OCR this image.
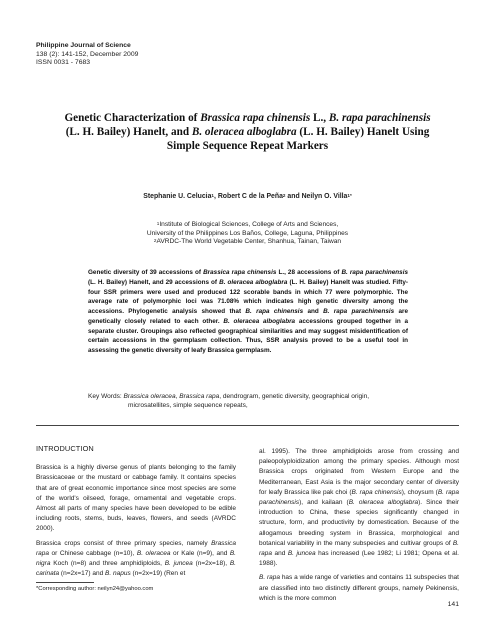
Philippine Journal of Science
138 (2): 141-152, December 2009
ISSN 0031 - 7683
Genetic Characterization of Brassica rapa chinensis L., B. rapa parachinensis (L. H. Bailey) Hanelt, and B. oleracea alboglabra (L. H. Bailey) Hanelt Using Simple Sequence Repeat Markers
Stephanie U. Celucia$^1$, Robert C de la Peña$^2$ and Neilyn O. Villa$^{1*}$
$^1$Institute of Biological Sciences, College of Arts and Sciences,
University of the Philippines Los Baños, College, Laguna, Philippines
$^2$AVRDC-The World Vegetable Center, Shanhua, Tainan, Taiwan
Genetic diversity of 39 accessions of Brassica rapa chinensis L., 28 accessions of B. rapa parachinensis (L. H. Bailey) Hanelt, and 29 accessions of B. oleracea alboglabra (L. H. Bailey) Hanelt was studied. Fifty-four SSR primers were used and produced 122 scorable bands in which 77 were polymorphic. The average rate of polymorphic loci was 71.08% which indicates high genetic diversity among the accessions. Phylogenetic analysis showed that B. rapa chinensis and B. rapa parachinensis are genetically closely related to each other. B. oleracea alboglabra accessions grouped together in a separate cluster. Groupings also reflected geographical similarities and may suggest misidentification of certain accessions in the germplasm collection. Thus, SSR analysis proved to be a useful tool in assessing the genetic diversity of leafy Brassica germplasm.
Key Words: Brassica oleracea, Brassica rapa, dendrogram, genetic diversity, geographical origin,
microsatellites, simple sequence repeats,
INTRODUCTION

Brassica is a highly diverse genus of plants belonging to the family Brassicaceae or the mustard or cabbage family. It contains species that are of great economic importance since most species are some of the world's oilseed, forage, ornamental and vegetable crops. Almost all parts of many species have been developed to be edible including roots, stems, buds, leaves, flowers, and seeds (AVRDC 2000).

Brassica crops consist of three primary species, namely Brassica rapa or Chinese cabbage (n=10), B. oleracea or Kale (n=9), and B. nigra Koch (n=8) and three amphidiploids, B. juncea (n=2x=18), B. carinata (n=2x=17) and B. napus (n=2x=19) (Ren et

al. 1995). The three amphidiploids arose from crossing and paleopolyploidization among the primary species. Although most Brassica crops originated from Western Europe and the Mediterranean, East Asia is the major secondary center of diversity for leafy Brassica like pak choi (B. rapa chinensis), choysum (B. rapa parachinensis), and kailaan (B. oleracea alboglabra). Since their introduction to China, these species significantly changed in structure, form, and productivity by domestication. Because of the allogamous breeding system in Brassica, morphological and botanical variability in the many subspecies and cultivar groups of B. rapa and B. juncea has increased (Lee 1982; Li 1981; Opena et al. 1988).

B. rapa has a wide range of varieties and contains 11 subspecies that are classified into two distinctly different groups, namely Pekinensis, which is the more common

*Corresponding author: neilyn24@yahoo.com
141
